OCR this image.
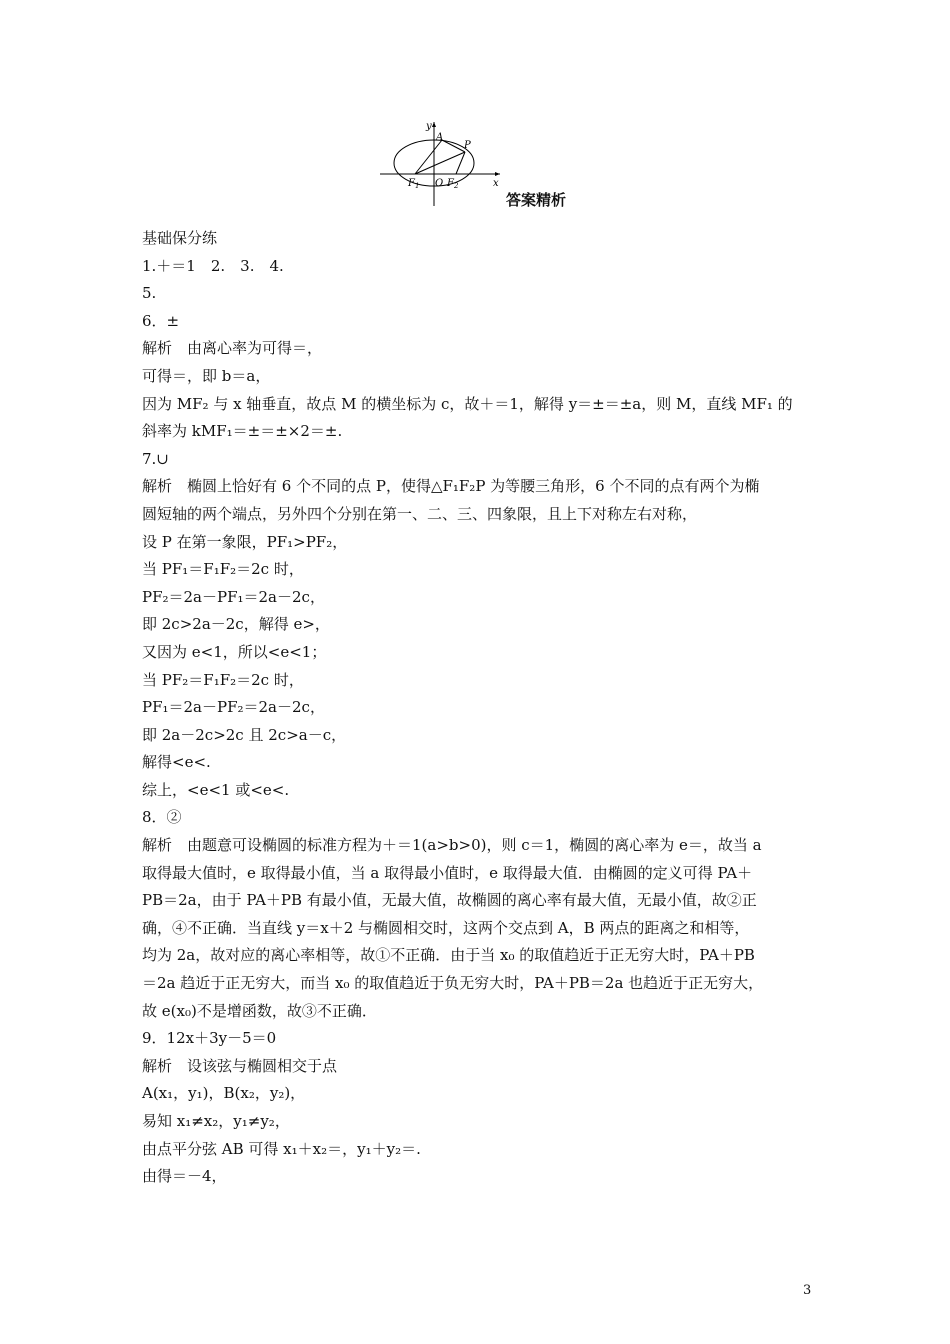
y
A
P
F 1 O F 2	x
答案精析
基础保分练
1.＋＝1　2.　3.　4.
5.
6．±
解析　由离心率为可得＝，
可得＝，即 b＝a，
因为 MF₂ 与 x 轴垂直，故点 M 的横坐标为 c，故＋＝1，解得 y＝±＝±a，则 M，直线 MF₁ 的
斜率为 kMF₁＝±＝±×2＝±.
7.∪
解析　椭圆上恰好有 6 个不同的点 P，使得△F₁F₂P 为等腰三角形，6 个不同的点有两个为椭
圆短轴的两个端点，另外四个分别在第一、二、三、四象限，且上下对称左右对称，
设 P 在第一象限，PF₁>PF₂，
当 PF₁＝F₁F₂＝2c 时，
PF₂＝2a－PF₁＝2a－2c，
即 2c>2a－2c，解得 e>，
又因为 e<1，所以<e<1；
当 PF₂＝F₁F₂＝2c 时，
PF₁＝2a－PF₂＝2a－2c，
即 2a－2c>2c 且 2c>a－c，
解得<e<.
综上，<e<1 或<e<.
8．②
解析　由题意可设椭圆的标准方程为＋＝1(a>b>0)，则 c＝1，椭圆的离心率为 e＝，故当 a
取得最大值时，e 取得最小值，当 a 取得最小值时，e 取得最大值．由椭圆的定义可得 PA＋
PB＝2a，由于 PA＋PB 有最小值，无最大值，故椭圆的离心率有最大值，无最小值，故②正
确，④不正确．当直线 y＝x＋2 与椭圆相交时，这两个交点到 A，B 两点的距离之和相等，
均为 2a，故对应的离心率相等，故①不正确．由于当 x₀ 的取值趋近于正无穷大时，PA＋PB
＝2a 趋近于正无穷大，而当 x₀ 的取值趋近于负无穷大时，PA＋PB＝2a 也趋近于正无穷大，
故 e(x₀)不是增函数，故③不正确．
9．12x＋3y－5＝0
解析　设该弦与椭圆相交于点
A(x₁，y₁)，B(x₂，y₂)，
易知 x₁≠x₂，y₁≠y₂，
由点平分弦 AB 可得 x₁＋x₂＝，y₁＋y₂＝.
由得＝－4，
3
